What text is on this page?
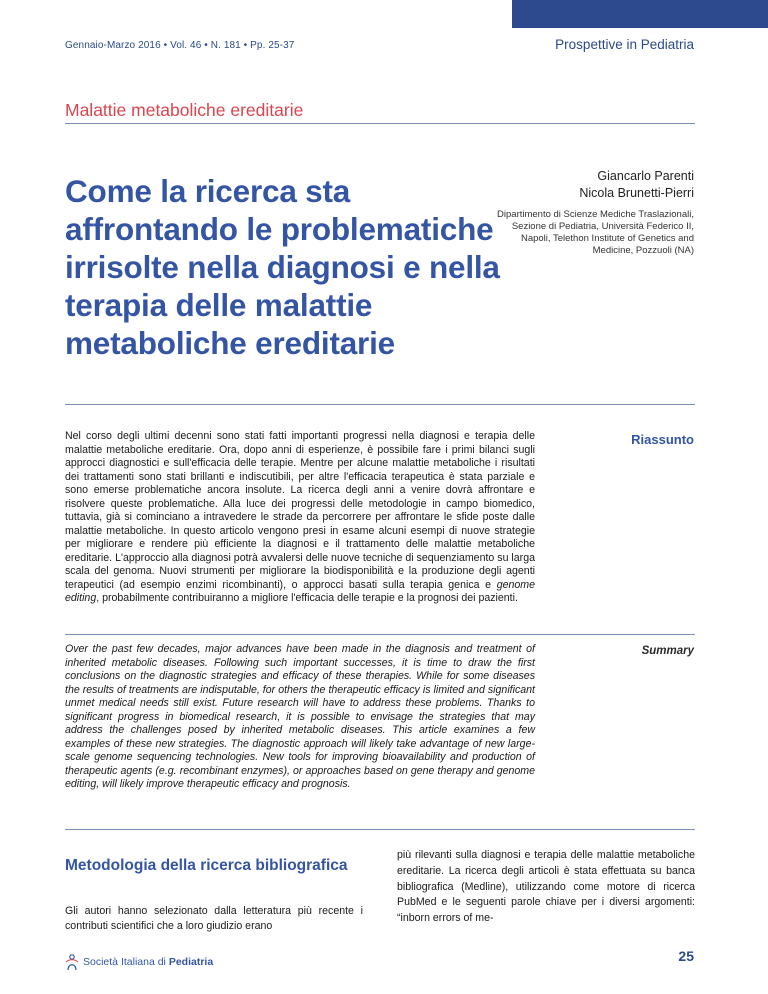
Gennaio-Marzo 2016 • Vol. 46 • N. 181 • Pp. 25-37	Prospettive in Pediatria
Malattie metaboliche ereditarie
Come la ricerca sta affrontando le problematiche irrisolte nella diagnosi e nella terapia delle malattie metaboliche ereditarie
Giancarlo Parenti
Nicola Brunetti-Pierri
Dipartimento di Scienze Mediche Traslazionali, Sezione di Pediatria, Università Federico II, Napoli, Telethon Institute of Genetics and Medicine, Pozzuoli (NA)
Riassunto

Nel corso degli ultimi decenni sono stati fatti importanti progressi nella diagnosi e terapia delle malattie metaboliche ereditarie. Ora, dopo anni di esperienze, è possibile fare i primi bilanci sugli approcci diagnostici e sull'efficacia delle terapie. Mentre per alcune malattie metaboliche i risultati dei trattamenti sono stati brillanti e indiscutibili, per altre l'efficacia terapeutica è stata parziale e sono emerse problematiche ancora insolute. La ricerca degli anni a venire dovrà affrontare e risolvere queste problematiche. Alla luce dei progressi delle metodologie in campo biomedico, tuttavia, già si cominciano a intravedere le strade da percorrere per affrontare le sfide poste dalle malattie metaboliche. In questo articolo vengono presi in esame alcuni esempi di nuove strategie per migliorare e rendere più efficiente la diagnosi e il trattamento delle malattie metaboliche ereditarie. L'approccio alla diagnosi potrà avvalersi delle nuove tecniche di sequenziamento su larga scala del genoma. Nuovi strumenti per migliorare la biodisponibilità e la produzione degli agenti terapeutici (ad esempio enzimi ricombinanti), o approcci basati sulla terapia genica e genome editing, probabilmente contribuiranno a migliore l'efficacia delle terapie e la prognosi dei pazienti.

Summary

Over the past few decades, major advances have been made in the diagnosis and treatment of inherited metabolic diseases. Following such important successes, it is time to draw the first conclusions on the diagnostic strategies and efficacy of these therapies. While for some diseases the results of treatments are indisputable, for others the therapeutic efficacy is limited and significant unmet medical needs still exist. Future research will have to address these problems. Thanks to significant progress in biomedical research, it is possible to envisage the strategies that may address the challenges posed by inherited metabolic diseases. This article examines a few examples of these new strategies. The diagnostic approach will likely take advantage of new large-scale genome sequencing technologies. New tools for improving bioavailability and production of therapeutic agents (e.g. recombinant enzymes), or approaches based on gene therapy and genome editing, will likely improve therapeutic efficacy and prognosis.

Metodologia della ricerca bibliografica

Gli autori hanno selezionato dalla letteratura più recente i contributi scientifici che a loro giudizio erano

più rilevanti sulla diagnosi e terapia delle malattie metaboliche ereditarie. La ricerca degli articoli è stata effettuata su banca bibliografica (Medline), utilizzando come motore di ricerca PubMed e le seguenti parole chiave per i diversi argomenti: “inborn errors of me-

Società Italiana di Pediatria	25
